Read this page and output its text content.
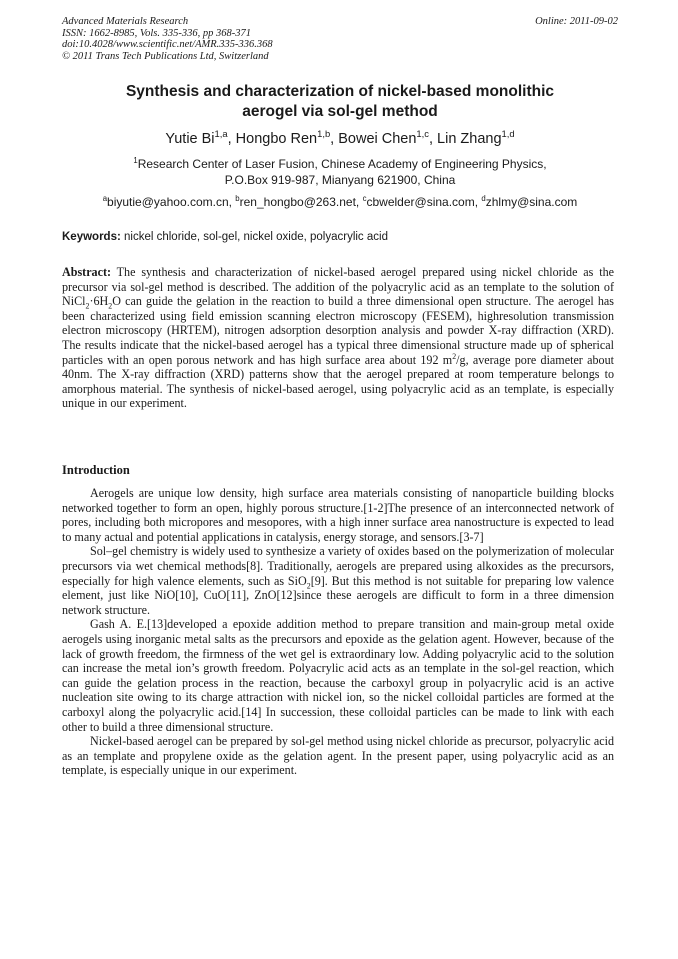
Advanced Materials Research
ISSN: 1662-8985, Vols. 335-336, pp 368-371
doi:10.4028/www.scientific.net/AMR.335-336.368
© 2011 Trans Tech Publications Ltd, Switzerland
Online: 2011-09-02
Synthesis and characterization of nickel-based monolithic
aerogel via sol-gel method
Yutie Bi$^{1,a}$, Hongbo Ren$^{1,b}$, Bowei Chen$^{1,c}$, Lin Zhang$^{1,d}$
$^1$Research Center of Laser Fusion, Chinese Academy of Engineering Physics,
P.O.Box 919-987, Mianyang 621900, China
$^a$biyutie@yahoo.com.cn, $^b$ren_hongbo@263.net, $^c$cbwelder@sina.com, $^d$zhlmy@sina.com
Keywords: nickel chloride, sol-gel, nickel oxide, polyacrylic acid
Abstract: The synthesis and characterization of nickel-based aerogel prepared using nickel chloride as the precursor via sol-gel method is described. The addition of the polyacrylic acid as an template to the solution of $NiCl_2\cdot 6H_2O$ can guide the gelation in the reaction to build a three dimensional open structure. The aerogel has been characterized using field emission scanning electron microscopy (FESEM), highresolution transmission electron microscopy (HRTEM), nitrogen adsorption desorption analysis and powder X-ray diffraction (XRD). The results indicate that the nickel-based aerogel has a typical three dimensional structure made up of spherical particles with an open porous network and has high surface area about 192 $m^2/g$, average pore diameter about 40nm. The X-ray diffraction (XRD) patterns show that the aerogel prepared at room temperature belongs to amorphous material. The synthesis of nickel-based aerogel, using polyacrylic acid as an template, is especially unique in our experiment.
Introduction

Aerogels are unique low density, high surface area materials consisting of nanoparticle building blocks networked together to form an open, highly porous structure.[1-2]The presence of an interconnected network of pores, including both micropores and mesopores, with a high inner surface area nanostructure is expected to lead to many actual and potential applications in catalysis, energy storage, and sensors.[3-7]

Sol–gel chemistry is widely used to synthesize a variety of oxides based on the polymerization of molecular precursors via wet chemical methods[8]. Traditionally, aerogels are prepared using alkoxides as the precursors, especially for high valence elements, such as SiO$_2$[9]. But this method is not suitable for preparing low valence element, just like NiO[10], CuO[11], ZnO[12]since these aerogels are difficult to form in a three dimension network structure.

Gash A. E.[13]developed a epoxide addition method to prepare transition and main-group metal oxide aerogels using inorganic metal salts as the precursors and epoxide as the gelation agent. However, because of the lack of growth freedom, the firmness of the wet gel is extraordinary low. Adding polyacrylic acid to the solution can increase the metal ion’s growth freedom. Polyacrylic acid acts as an template in the sol-gel reaction, which can guide the gelation process in the reaction, because the carboxyl group in polyacrylic acid is an active nucleation site owing to its charge attraction with nickel ion, so the nickel colloidal particles are formed at the carboxyl along the polyacrylic acid.[14] In succession, these colloidal particles can be made to link with each other to build a three dimensional structure.

Nickel-based aerogel can be prepared by sol-gel method using nickel chloride as precursor, polyacrylic acid as an template and propylene oxide as the gelation agent. In the present paper, using polyacrylic acid as an template, is especially unique in our experiment.
